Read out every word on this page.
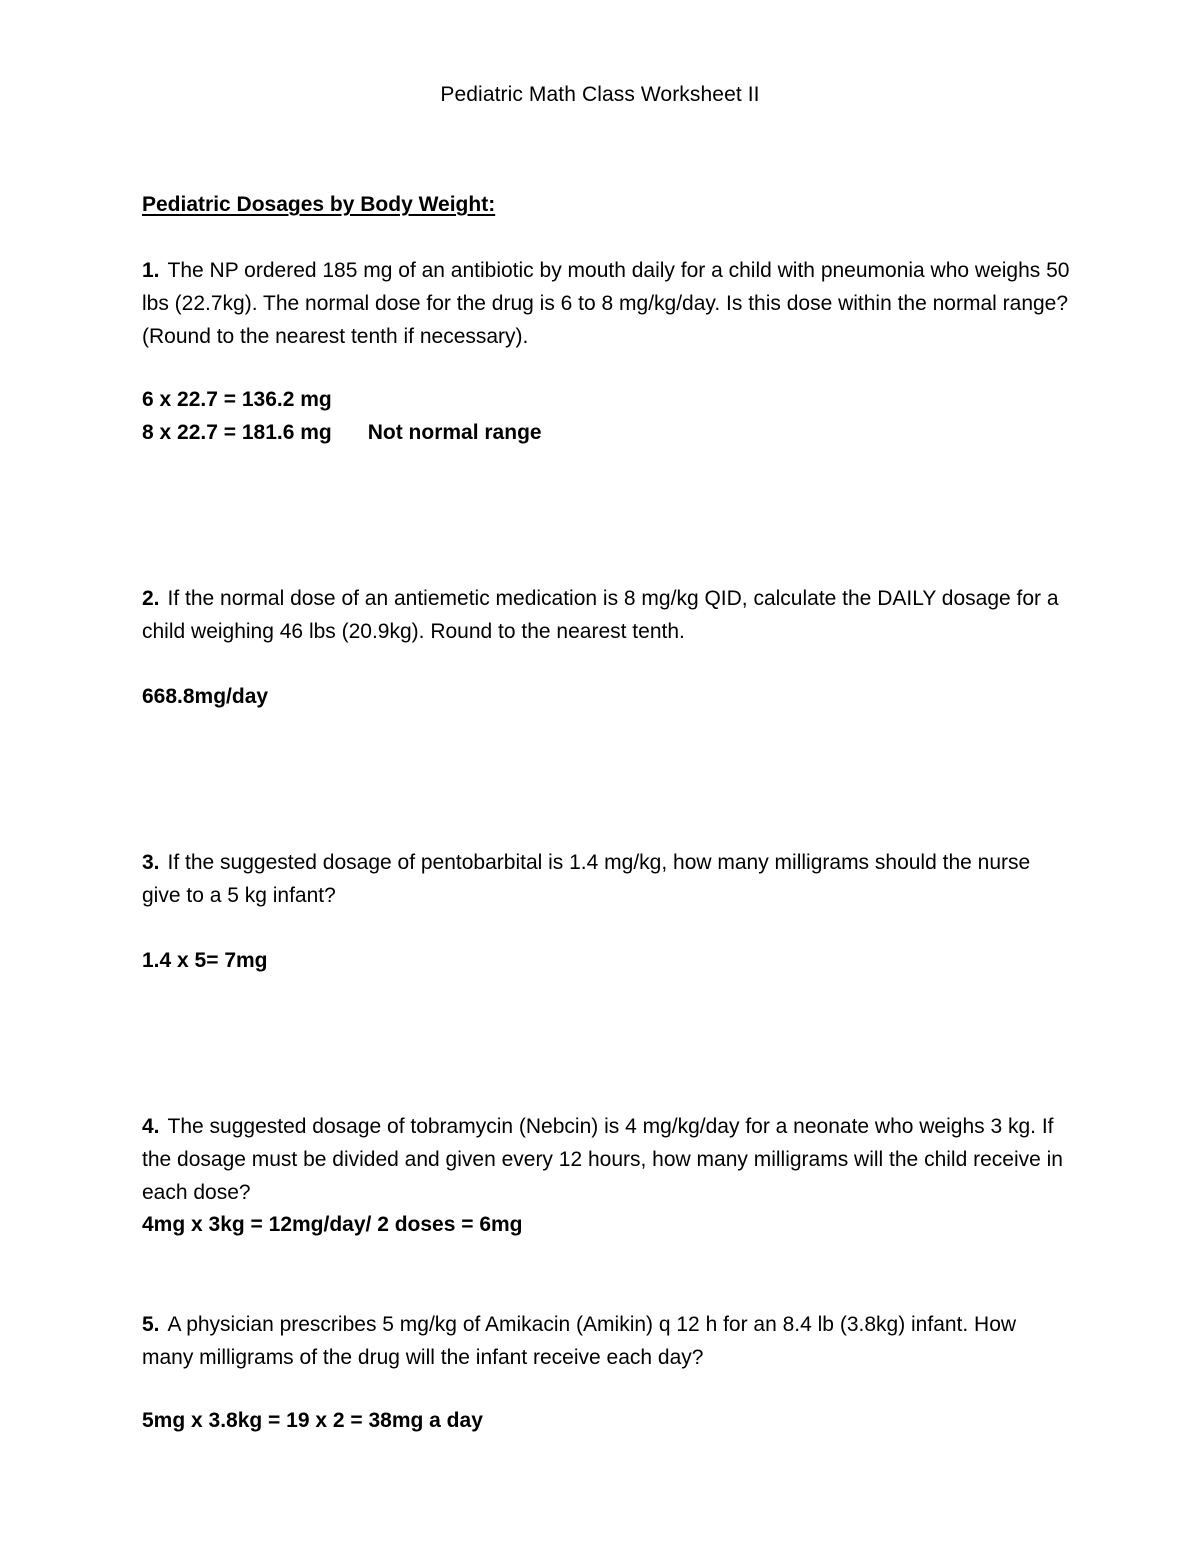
Pediatric Math Class Worksheet II
Pediatric Dosages by Body Weight:
1. The NP ordered 185 mg of an antibiotic by mouth daily for a child with pneumonia who weighs 50 lbs (22.7kg). The normal dose for the drug is 6 to 8 mg/kg/day. Is this dose within the normal range? (Round to the nearest tenth if necessary).
6 x 22.7 = 136.2 mg
8 x 22.7 = 181.6 mg Not normal range
2. If the normal dose of an antiemetic medication is 8 mg/kg QID, calculate the DAILY dosage for a child weighing 46 lbs (20.9kg). Round to the nearest tenth.
668.8mg/day
3. If the suggested dosage of pentobarbital is 1.4 mg/kg, how many milligrams should the nurse give to a 5 kg infant?
1.4 x 5= 7mg
4. The suggested dosage of tobramycin (Nebcin) is 4 mg/kg/day for a neonate who weighs 3 kg. If the dosage must be divided and given every 12 hours, how many milligrams will the child receive in each dose?
4mg x 3kg = 12mg/day/ 2 doses = 6mg
5. A physician prescribes 5 mg/kg of Amikacin (Amikin) q 12 h for an 8.4 lb (3.8kg) infant. How many milligrams of the drug will the infant receive each day?
5mg x 3.8kg = 19 x 2 = 38mg a day
